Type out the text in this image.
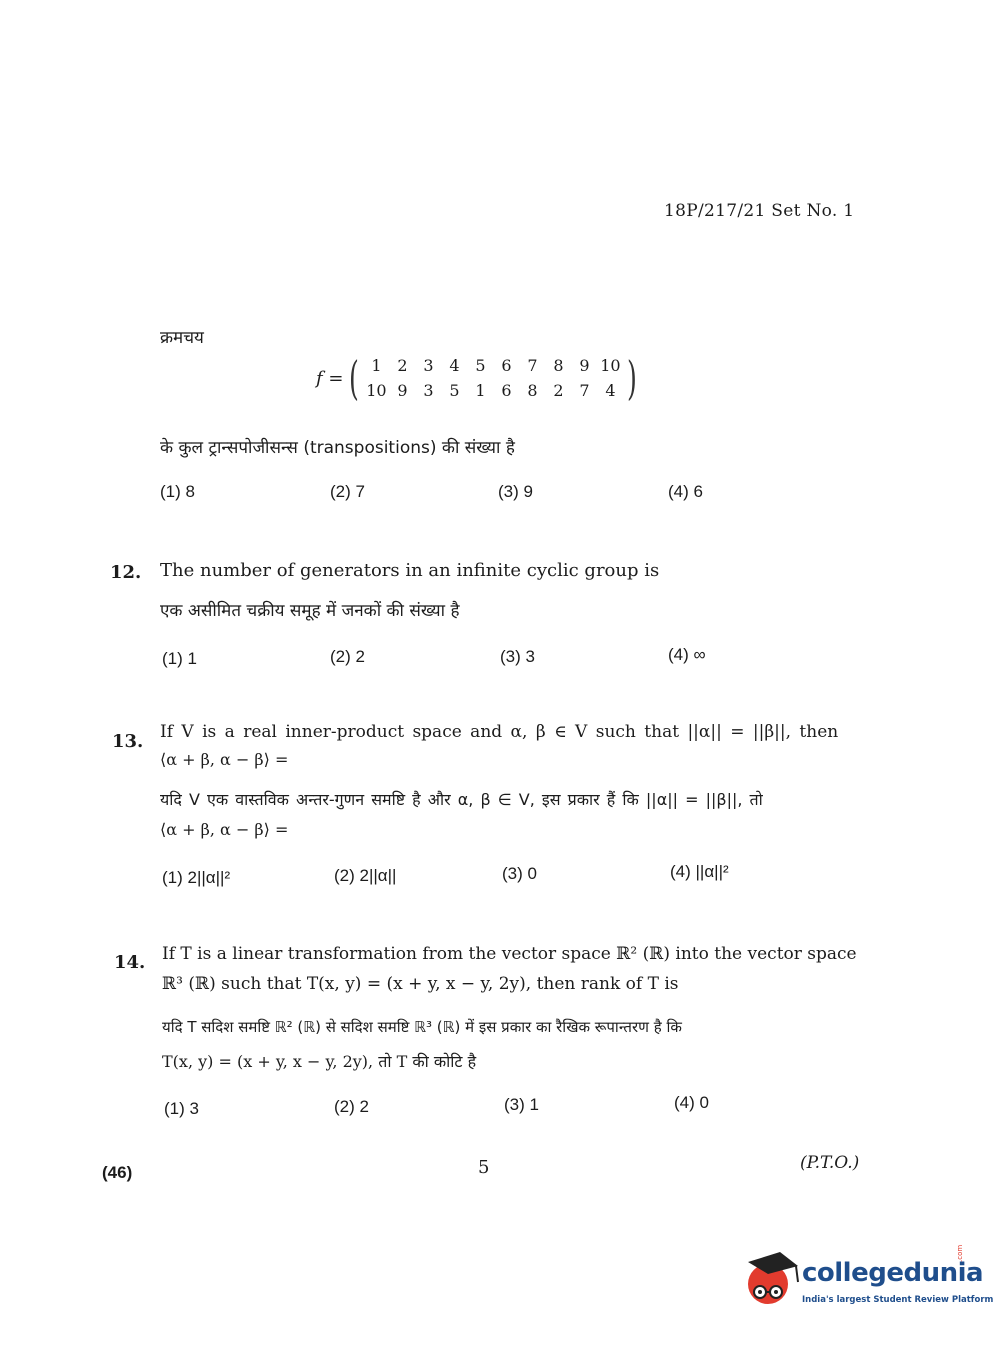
18P/217/21 Set No. 1
क्रमचय
f = ( 1 2 3 4 5 6 7 8 9 10
10 9 3 5 1 6 8 2 7 4 )
के कुल ट्रान्सपोजीसन्स (transpositions) की संख्या है
(1) 8	(2) 7	(3) 9	(4) 6
12. The number of generators in an infinite cyclic group is
एक असीमित चक्रीय समूह में जनकों की संख्या है
(1) 1	(2) 2	(3) 3	(4) ∞
13. If V is a real inner-product space and α, β ∈ V such that ||α|| = ||β||, then
⟨α + β, α − β⟩ =
यदि V एक वास्तविक अन्तर-गुणन समष्टि है और α, β ∈ V, इस प्रकार हैं कि ||α|| = ||β||, तो
⟨α + β, α − β⟩ =
(1) 2||α||²	(2) 2||α||	(3) 0	(4) ||α||²
14. If T is a linear transformation from the vector space ℝ² (ℝ) into the vector space
ℝ³ (ℝ) such that T(x, y) = (x + y, x − y, 2y), then rank of T is
यदि T सदिश समष्टि ℝ² (ℝ) से सदिश समष्टि ℝ³ (ℝ) में इस प्रकार का रैखिक रूपान्तरण है कि
T(x, y) = (x + y, x − y, 2y), तो T की कोटि है
(1) 3	(2) 2	(3) 1	(4) 0
(46)	5	(P.T.O.)
collegedunia
.com
India's largest Student Review Platform
